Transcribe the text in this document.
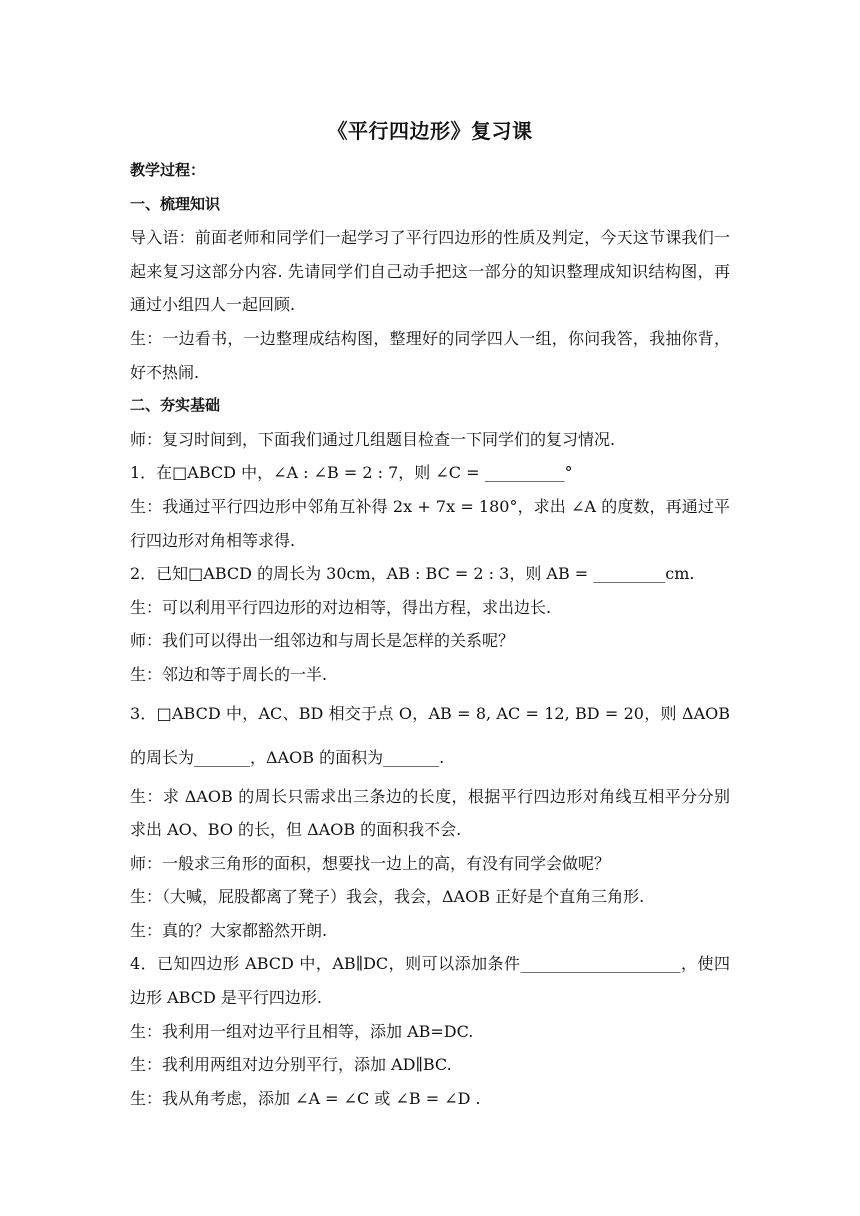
《平行四边形》复习课

教学过程：

一、梳理知识

导入语：前面老师和同学们一起学习了平行四边形的性质及判定，今天这节课我们一起来复习这部分内容. 先请同学们自己动手把这一部分的知识整理成知识结构图，再通过小组四人一起回顾.

生：一边看书，一边整理成结构图，整理好的同学四人一组，你问我答，我抽你背，好不热闹.

二、夯实基础

师：复习时间到，下面我们通过几组题目检查一下同学们的复习情况.

1．在□ABCD 中，∠A : ∠B = 2 : 7，则 ∠C = __________°

生：我通过平行四边形中邻角互补得 2x + 7x = 180°，求出 ∠A 的度数，再通过平行四边形对角相等求得.

2．已知□ABCD 的周长为 30cm，AB : BC = 2 : 3，则 AB = _________cm.

生：可以利用平行四边形的对边相等，得出方程，求出边长.

师：我们可以得出一组邻边和与周长是怎样的关系呢？

生：邻边和等于周长的一半.

3．□ABCD 中，AC、BD 相交于点 O，AB = 8, AC = 12, BD = 20，则 ΔAOB 的周长为_______，ΔAOB 的面积为_______.

生：求 ΔAOB 的周长只需求出三条边的长度，根据平行四边形对角线互相平分分别求出 AO、BO 的长，但 ΔAOB 的面积我不会.

师：一般求三角形的面积，想要找一边上的高，有没有同学会做呢？

生：（大喊，屁股都离了凳子）我会，我会，ΔAOB 正好是个直角三角形.

生：真的？大家都豁然开朗.

4．已知四边形 ABCD 中，AB∥DC，则可以添加条件____________________，使四边形 ABCD 是平行四边形.

生：我利用一组对边平行且相等，添加 AB=DC.

生：我利用两组对边分别平行，添加 AD∥BC.

生：我从角考虑，添加 ∠A = ∠C 或 ∠B = ∠D .
